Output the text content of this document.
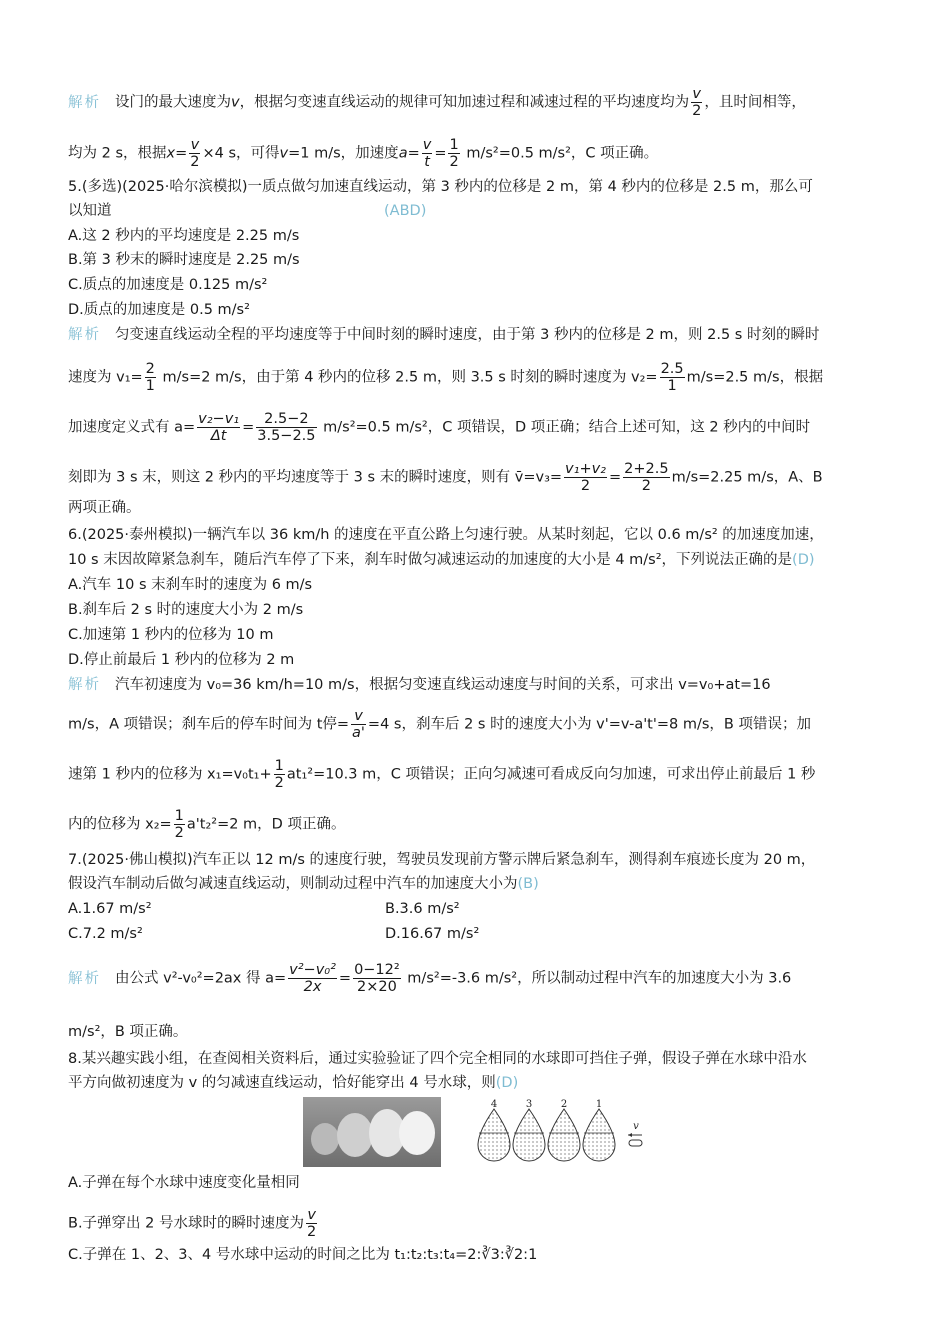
解析 设门的最大速度为v，根据匀变速直线运动的规律可知加速过程和减速过程的平均速度均为 $\frac{v}{2}$ ，且时间相等，
均为 2 s，根据$x= \frac{v}{2} \times 4$ s，可得v=1 m/s，加速度$a= \frac{v}{t} = \frac{1}{2} m/s^2=0.5$ m/s²，C 项正确。
5.(多选)(2025·哈尔滨模拟)一质点做匀加速直线运动，第 3 秒内的位移是 2 m，第 4 秒内的位移是 2.5 m，那么可
以知道	(ABD)
A.这 2 秒内的平均速度是 2.25 m/s
B.第 3 秒末的瞬时速度是 2.25 m/s
C.质点的加速度是 0.125 m/s²
D.质点的加速度是 0.5 m/s²
解析 匀变速直线运动全程的平均速度等于中间时刻的瞬时速度，由于第 3 秒内的位移是 2 m，则 2.5 s 时刻的瞬时
速度为 $v_1= \frac{2}{1} m/s=2$ m/s，由于第 4 秒内的位移 2.5 m，则 3.5 s 时刻的瞬时速度为 $v_2= \frac{2.5}{1} m/s=2.5$ m/s，根据
加速度定义式有 $a= \frac{\text{v₂−v₁}}{\Delta t} = \frac{2.5-2}{3.5-2.5} m/s^2=0.5$ m/s²，C 项错误，D 项正确；结合上述可知，这 2 秒内的中间时
刻即为 3 s 末，则这 2 秒内的平均速度等于 3 s 末的瞬时速度，则有 v̄=v₃= $\frac{\text{v₁+v₂}}{2} = \frac{2+2.5}{2} m/s=2.25$ m/s，A、B
两项正确。
6.(2025·泰州模拟)一辆汽车以 36 km/h 的速度在平直公路上匀速行驶。从某时刻起，它以 0.6 m/s² 的加速度加速，
10 s 末因故障紧急刹车，随后汽车停了下来，刹车时做匀减速运动的加速度的大小是 4 m/s²，下列说法正确的是(D)
A.汽车 10 s 末刹车时的速度为 6 m/s
B.刹车后 2 s 时的速度大小为 2 m/s
C.加速第 1 秒内的位移为 10 m
D.停止前最后 1 秒内的位移为 2 m
解析 汽车初速度为 v₀=36 km/h=10 m/s，根据匀变速直线运动速度与时间的关系，可求出 v=v₀+at=16
m/s，A 项错误；刹车后的停车时间为 t停= $\frac{v}{a'} =4$ s，刹车后 2 s 时的速度大小为 v'=v-a't'=8 m/s，B 项错误；加
速第 1 秒内的位移为 $x_1=v_0t_1+ \frac{1}{2} at_1^2=10.3$ m，C 项错误；正向匀减速可看成反向匀加速，可求出停止前最后 1 秒
内的位移为 $x_2= \frac{1}{2} a't_2^2=2$ m，D 项正确。
7.(2025·佛山模拟)汽车正以 12 m/s 的速度行驶，驾驶员发现前方警示牌后紧急刹车，测得刹车痕迹长度为 20 m，
假设汽车制动后做匀减速直线运动，则制动过程中汽车的加速度大小为(B)
A.1.67 m/s²	B.3.6 m/s²
C.7.2 m/s²	D.16.67 m/s²
解析 由公式 v²-v₀²=2ax 得 $a= \frac{\text{v²−v₀²}}{2x} = \frac{\text{0−12²}}{2\times 20} m/s^2=-3.6$ m/s²，所以制动过程中汽车的加速度大小为 3.6
m/s²，B 项正确。
8.某兴趣实践小组，在查阅相关资料后，通过实验验证了四个完全相同的水球即可挡住子弹，假设子弹在水球中沿水
平方向做初速度为 v 的匀减速直线运动，恰好能穿出 4 号水球，则(D)
4	3	2	1
v
A.子弹在每个水球中速度变化量相同
B.子弹穿出 2 号水球时的瞬时速度为 $\frac{v}{2}$
C.子弹在 1、2、3、4 号水球中运动的时间之比为 t₁:t₂:t₃:t₄=2:∛3:∛2:1
